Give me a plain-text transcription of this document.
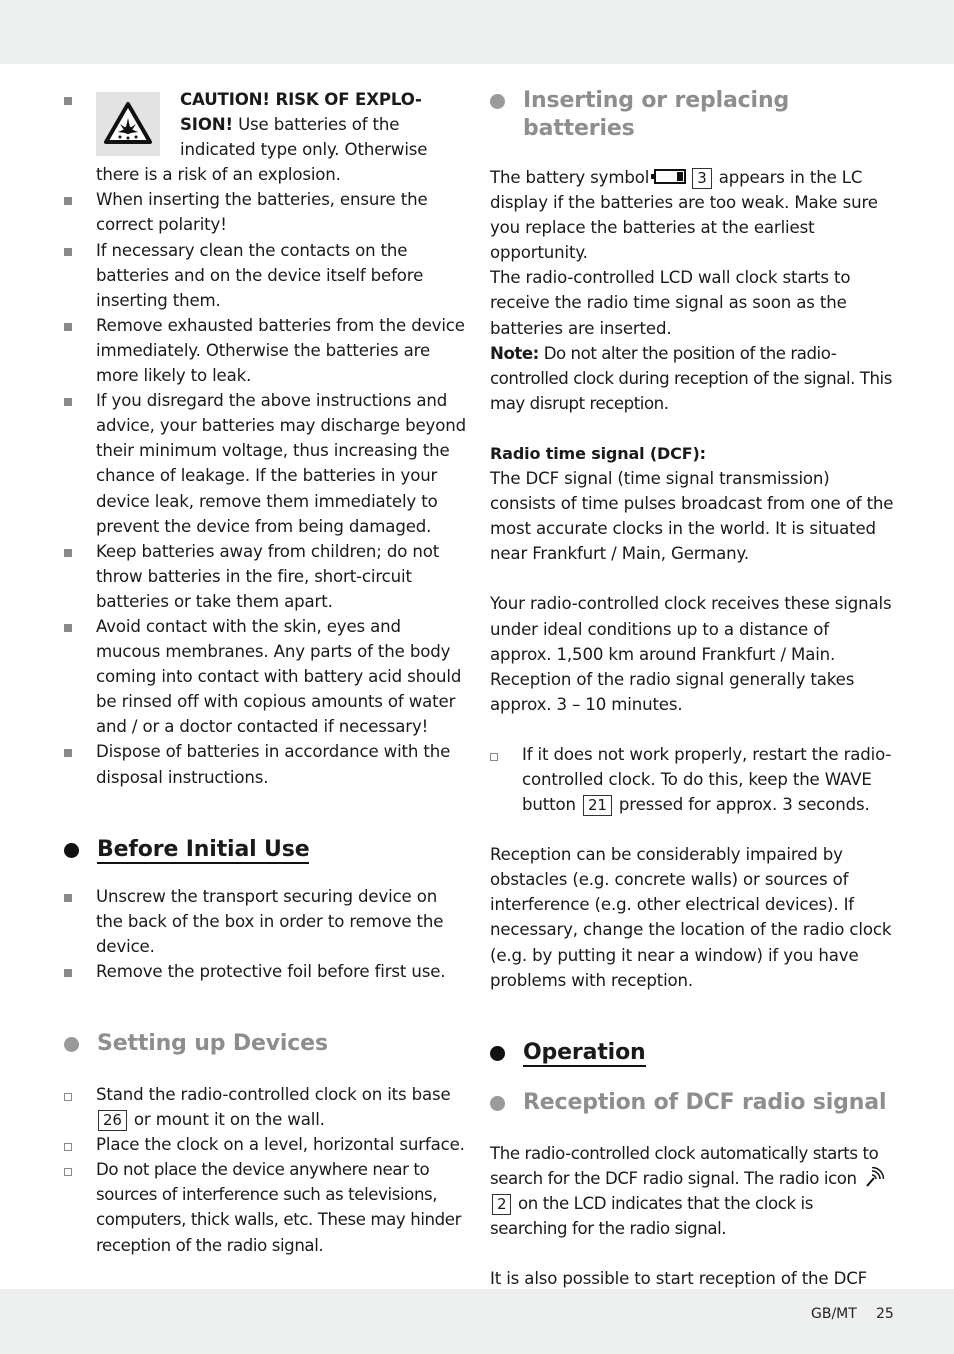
CAUTION! RISK OF EXPLO-SION! Use batteries of the indicated type only. Otherwise there is a risk of an explosion.
When inserting the batteries, ensure the correct polarity!
If necessary clean the contacts on the batteries and on the device itself before inserting them.
Remove exhausted batteries from the device immediately. Otherwise the batteries are more likely to leak.
If you disregard the above instructions and advice, your batteries may discharge beyond their minimum voltage, thus increasing the chance of leakage. If the batteries in your device leak, remove them immediately to prevent the device from being damaged.
Keep batteries away from children; do not throw batteries in the fire, short-circuit batteries or take them apart.
Avoid contact with the skin, eyes and mucous membranes. Any parts of the body coming into contact with battery acid should be rinsed off with copious amounts of water and / or a doctor contacted if necessary!
Dispose of batteries in accordance with the disposal instructions.
Before Initial Use
Unscrew the transport securing device on the back of the box in order to remove the device.
Remove the protective foil before first use.
Setting up Devices
Stand the radio-controlled clock on its base 26 or mount it on the wall.
Place the clock on a level, horizontal surface.
Do not place the device anywhere near to sources of interference such as televisions, computers, thick walls, etc. These may hinder reception of the radio signal.
Inserting or replacing batteries

The battery symbol	3 appears in the LC display if the batteries are too weak. Make sure you replace the batteries at the earliest opportunity.

The radio-controlled LCD wall clock starts to receive the radio time signal as soon as the batteries are inserted.

Note: Do not alter the position of the radio-controlled clock during reception of the signal. This may disrupt reception.

Radio time signal (DCF):

The DCF signal (time signal transmission) consists of time pulses broadcast from one of the most accurate clocks in the world. It is situated near Frankfurt / Main, Germany.

Your radio-controlled clock receives these signals under ideal conditions up to a distance of approx. 1,500 km around Frankfurt / Main. Reception of the radio signal generally takes approx. 3 – 10 minutes.

If it does not work properly, restart the radio-controlled clock. To do this, keep the WAVE button 21 pressed for approx. 3 seconds.

Reception can be considerably impaired by obstacles (e.g. concrete walls) or sources of interference (e.g. other electrical devices). If necessary, change the location of the radio clock (e.g. by putting it near a window) if you have problems with reception.

Operation
Reception of DCF radio signal

The radio-controlled clock automatically starts to search for the DCF radio signal. The radio icon  2 on the LCD indicates that the clock is searching for the radio signal.

It is also possible to start reception of the DCF

GB/MT 25
